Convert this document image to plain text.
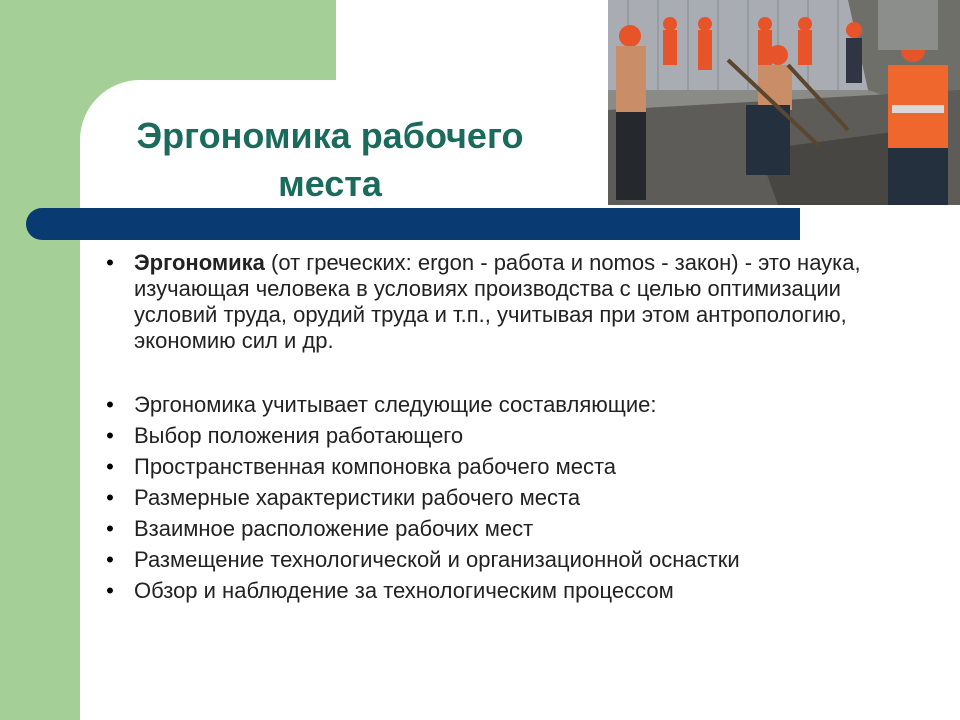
Эргономика рабочего
места
• Эргономика (от греческих: ergon - работа и nomos - закон) - это наука, изучающая человека в условиях производства с целью оптимизации условий труда, орудий труда и т.п., учитывая при этом антропологию, экономию сил и др.
• Эргономика учитывает следующие составляющие:
• Выбор положения работающего
• Пространственная компоновка рабочего места
• Размерные характеристики рабочего места
• Взаимное расположение рабочих мест
• Размещение технологической и организационной оснастки
• Обзор и наблюдение за технологическим процессом
